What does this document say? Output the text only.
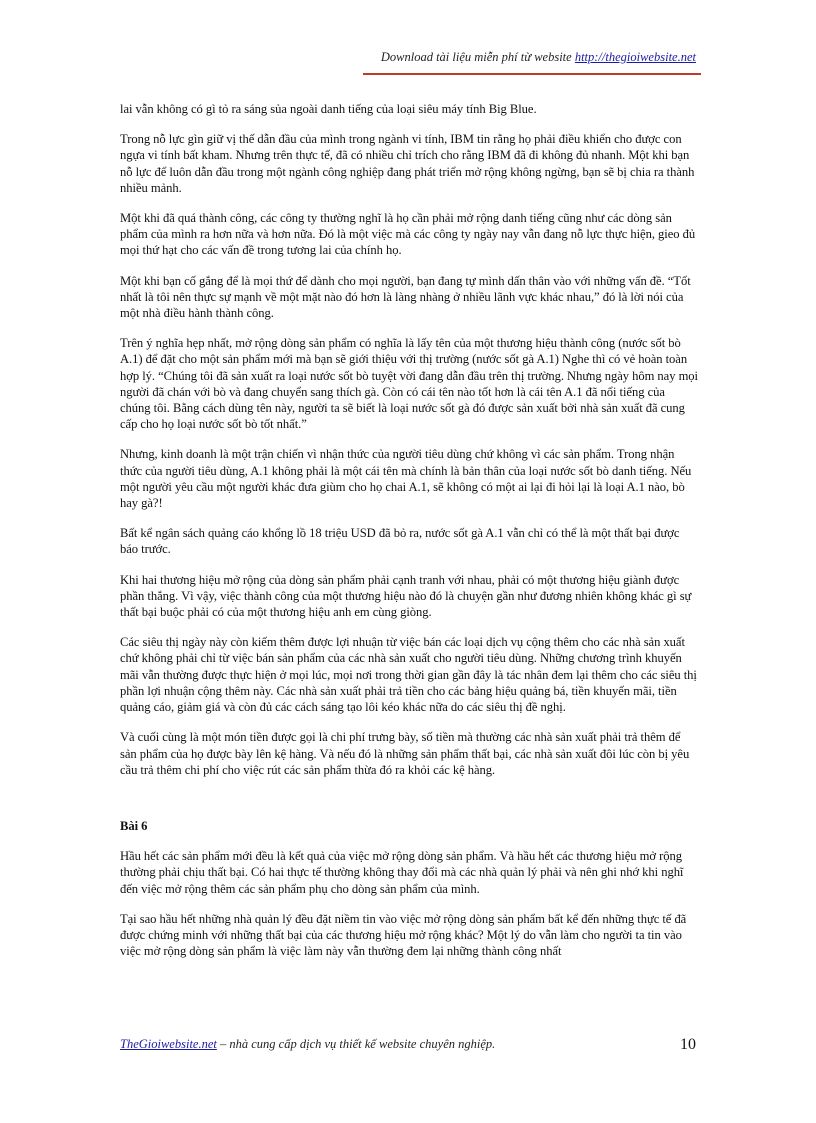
Download tài liệu miễn phí từ website http://thegioiwebsite.net

lai vẫn không có gì tỏ ra sáng sủa ngoài danh tiếng của loại siêu máy tính Big Blue.

Trong nỗ lực gìn giữ vị thế dẫn đầu của mình trong ngành vi tính, IBM tin rằng họ phải điều khiển cho được con ngựa vi tính bất kham. Nhưng trên thực tế, đã có nhiều chỉ trích cho rằng IBM đã đi không đủ nhanh. Một khi bạn nỗ lực để luôn dẫn đầu trong một ngành công nghiệp đang phát triển mở rộng không ngừng, bạn sẽ bị chia ra thành nhiều mảnh.

Một khi đã quá thành công, các công ty thường nghĩ là họ cần phải mở rộng danh tiếng cũng như các dòng sản phẩm của mình ra hơn nữa và hơn nữa. Đó là một việc mà các công ty ngày nay vẫn đang nỗ lực thực hiện, gieo đủ mọi thứ hạt cho các vấn đề trong tương lai của chính họ.

Một khi bạn cố gắng để là mọi thứ để dành cho mọi người, bạn đang tự mình dấn thân vào với những vấn đề. “Tốt nhất là tôi nên thực sự mạnh về một mặt nào đó hơn là làng nhàng ở nhiều lãnh vực khác nhau,” đó là lời nói của một nhà điều hành thành công.

Trên ý nghĩa hẹp nhất, mở rộng dòng sản phẩm có nghĩa là lấy tên của một thương hiệu thành công (nước sốt bò A.1) để đặt cho một sản phẩm mới mà bạn sẽ giới thiệu với thị trường (nước sốt gà A.1) Nghe thì có vẻ hoàn toàn hợp lý. “Chúng tôi đã sản xuất ra loại nước sốt bò tuyệt vời đang dẫn đầu trên thị trường. Nhưng ngày hôm nay mọi người đã chán với bò và đang chuyển sang thích gà. Còn có cái tên nào tốt hơn là cái tên A.1 đã nổi tiếng của chúng tôi. Bằng cách dùng tên này, người ta sẽ biết là loại nước sốt gà đó được sản xuất bởi nhà sản xuất đã cung cấp cho họ loại nước sốt bò tốt nhất.”

Nhưng, kinh doanh là một trận chiến vì nhận thức của người tiêu dùng chứ không vì các sản phẩm. Trong nhận thức của người tiêu dùng, A.1 không phải là một cái tên mà chính là bản thân của loại nước sốt bò danh tiếng. Nếu một người yêu cầu một người khác đưa giùm cho họ chai A.1, sẽ không có một ai lại đi hỏi lại là loại A.1 nào, bò hay gà?!

Bất kể ngân sách quảng cáo khổng lồ 18 triệu USD đã bỏ ra, nước sốt gà A.1 vẫn chỉ có thể là một thất bại được báo trước.

Khi hai thương hiệu mở rộng của dòng sản phẩm phải cạnh tranh với nhau, phải có một thương hiệu giành được phần thắng. Vì vậy, việc thành công của một thương hiệu nào đó là chuyện gần như đương nhiên không khác gì sự thất bại buộc phải có của một thương hiệu anh em cùng giòng.

Các siêu thị ngày này còn kiếm thêm được lợi nhuận từ việc bán các loại dịch vụ cộng thêm cho các nhà sản xuất chứ không phải chỉ từ việc bán sản phẩm của các nhà sản xuất cho người tiêu dùng. Những chương trình khuyến mãi vẫn thường được thực hiện ở mọi lúc, mọi nơi trong thời gian gần đây là tác nhân đem lại thêm cho các siêu thị phần lợi nhuận cộng thêm này. Các nhà sản xuất phải trả tiền cho các bảng hiệu quảng bá, tiền khuyến mãi, tiền quảng cáo, giảm giá và còn đủ các cách sáng tạo lôi kéo khác nữa do các siêu thị đề nghị.

Và cuối cùng là một món tiền được gọi là chi phí trưng bày, số tiền mà thường các nhà sản xuất phải trả thêm để sản phẩm của họ được bày lên kệ hàng. Và nếu đó là những sản phẩm thất bại, các nhà sản xuất đôi lúc còn bị yêu cầu trả thêm chi phí cho việc rút các sản phẩm thừa đó ra khỏi các kệ hàng.

Bài 6

Hầu hết các sản phẩm mới đều là kết quả của việc mở rộng dòng sản phẩm. Và hầu hết các thương hiệu mở rộng thường phải chịu thất bại. Có hai thực tế thường không thay đổi mà các nhà quản lý phải và nên ghi nhớ khi nghĩ đến việc mở rộng thêm các sản phẩm phụ cho dòng sản phẩm của mình.

Tại sao hầu hết những nhà quản lý đều đặt niềm tin vào việc mở rộng dòng sản phẩm bất kể đến những thực tế đã được chứng minh với những thất bại của các thương hiệu mở rộng khác? Một lý do vẫn làm cho người ta tin vào việc mở rộng dòng sản phẩm là việc làm này vẫn thường đem lại những thành công nhất

TheGioiwebsite.net – nhà cung cấp dịch vụ thiết kế website chuyên nghiệp.	10
